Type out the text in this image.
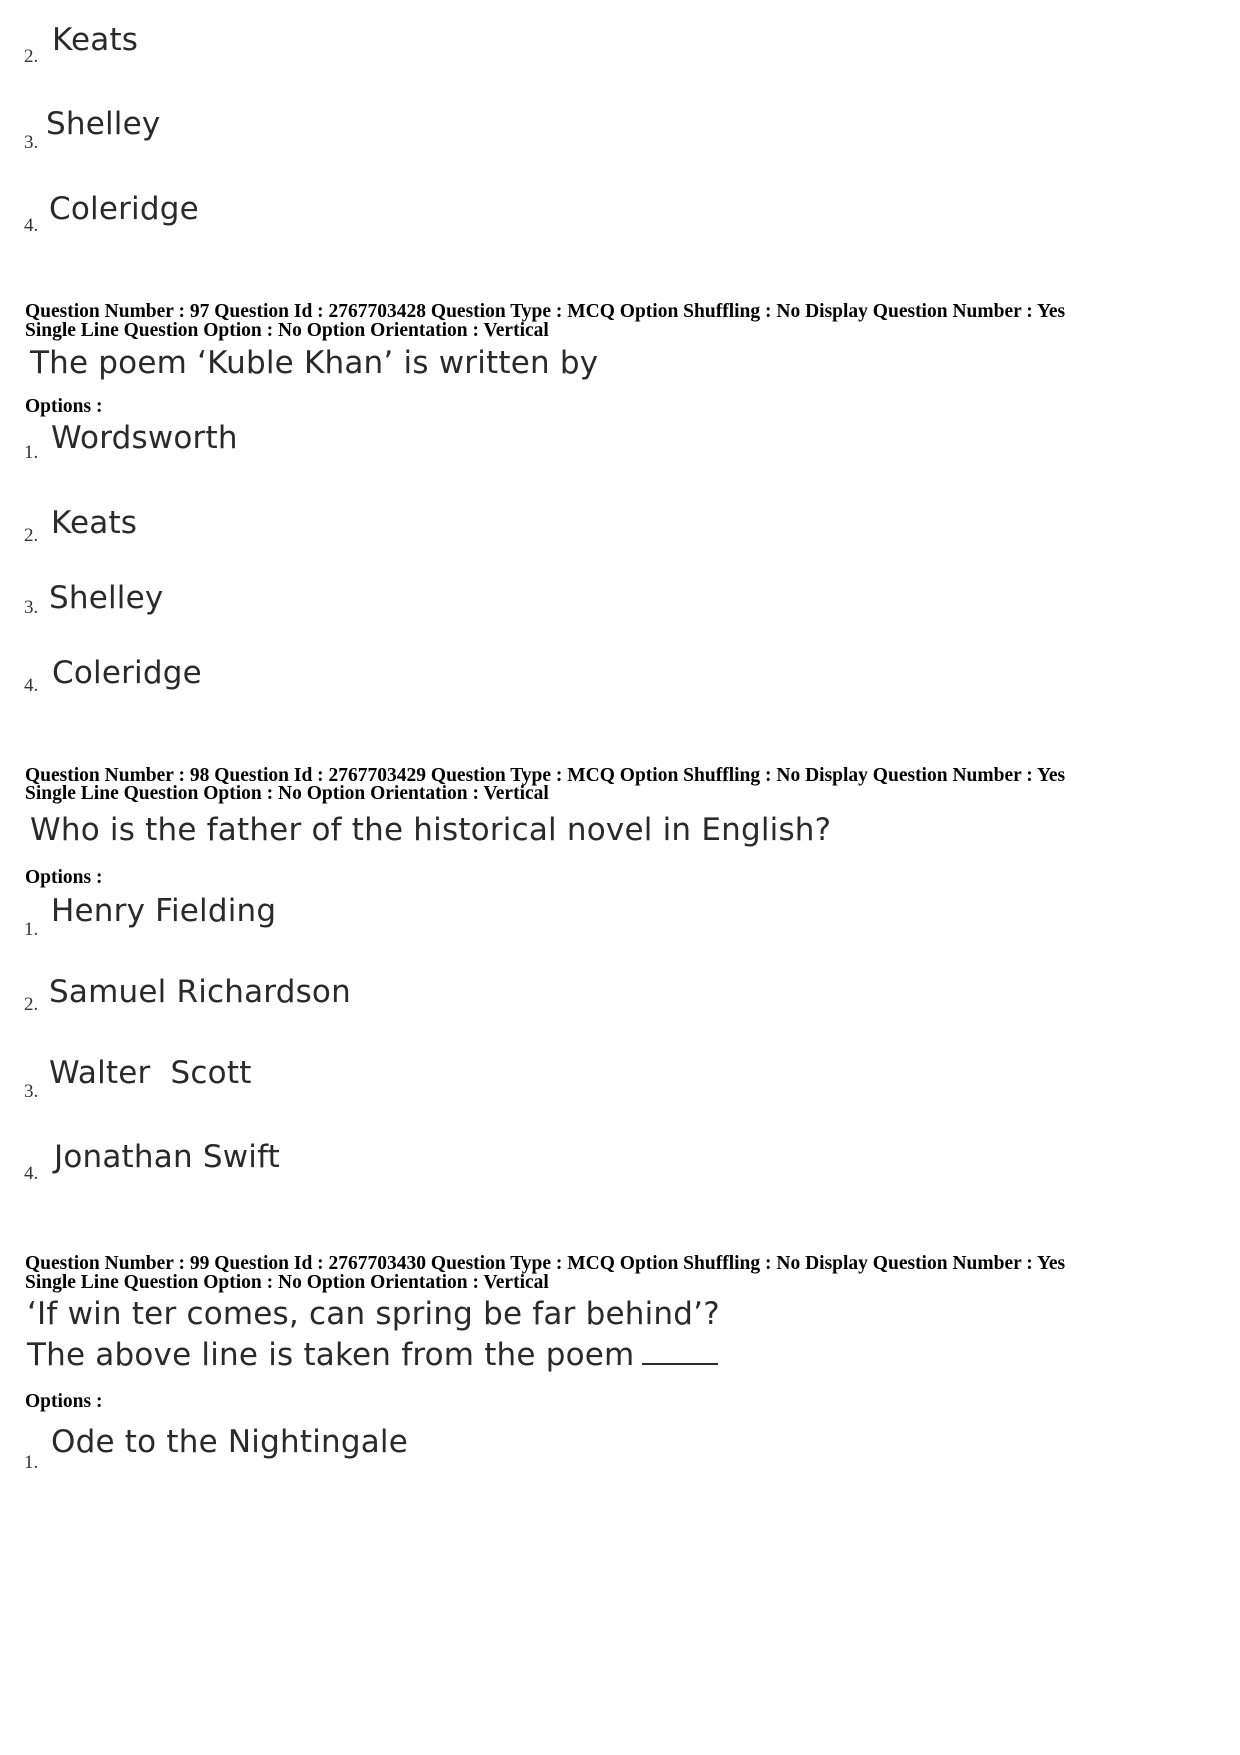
2. Keats
3.
Shelley
4. Coleridge
Question Number : 97 Question Id : 2767703428 Question Type : MCQ Option Shuffling : No Display Question Number : Yes
Single Line Question Option : No Option Orientation : Vertical
The poem ‘Kuble Khan’ is written by
Options :
1. Wordsworth
2. Keats
3. Shelley
4. Coleridge
Question Number : 98 Question Id : 2767703429 Question Type : MCQ Option Shuffling : No Display Question Number : Yes
Single Line Question Option : No Option Orientation : Vertical
Who is the father of the historical novel in English?
Options :
1.
Henry Fielding
2. Samuel Richardson
3.
Walter  Scott
4. Jonathan Swift
Question Number : 99 Question Id : 2767703430 Question Type : MCQ Option Shuffling : No Display Question Number : Yes
Single Line Question Option : No Option Orientation : Vertical
‘If win ter comes, can spring be far behind’?
The above line is taken from the poem
Options :
1.
Ode to the Nightingale
